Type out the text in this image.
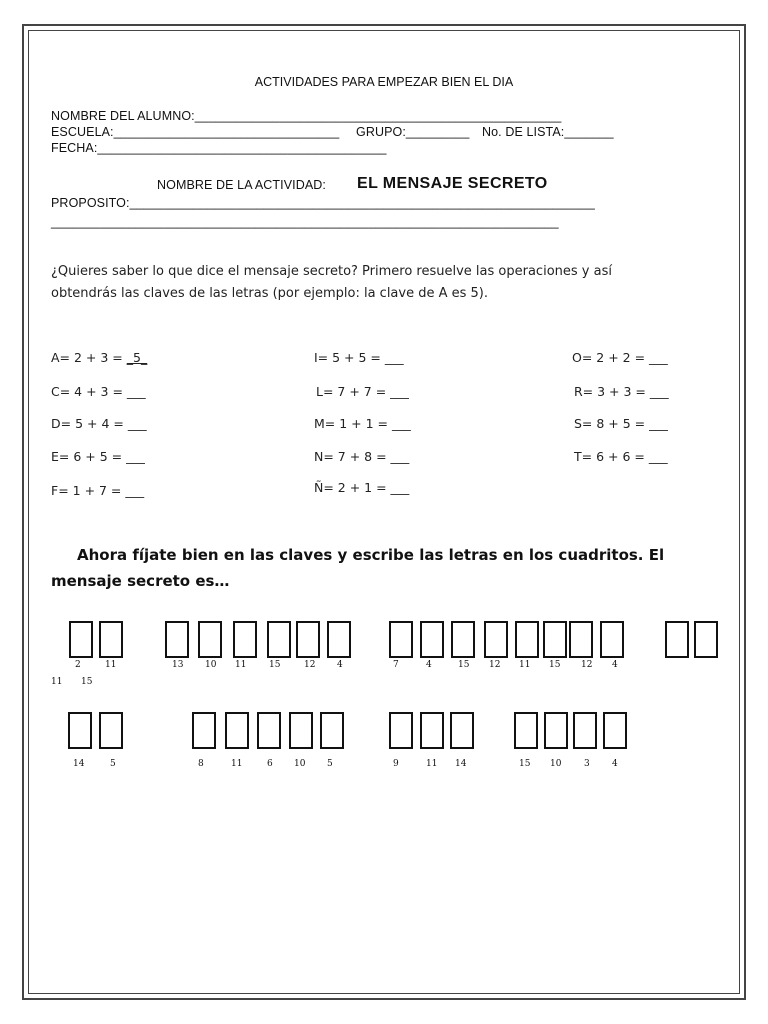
ACTIVIDADES PARA EMPEZAR BIEN EL DIA
NOMBRE DEL ALUMNO:____________________________________________________
ESCUELA:________________________________ GRUPO:_________ No. DE LISTA:_______
FECHA:_________________________________________
NOMBRE DE LA ACTIVIDAD: EL MENSAJE SECRETO
PROPOSITO:__________________________________________________________________
________________________________________________________________________
¿Quieres saber lo que dice el mensaje secreto? Primero resuelve las operaciones y así
obtendrás las claves de las letras (por ejemplo: la clave de A es 5).
A= 2 + 3 = _5_	I= 5 + 5 = ___	O= 2 + 2 = ___
C= 4 + 3 = ___	L= 7 + 7 = ___	R= 3 + 3 = ___
D= 5 + 4 = ___	M= 1 + 1 = ___	S= 8 + 5 = ___
E= 6 + 5 = ___	N= 7 + 8 = ___	T= 6 + 6 = ___
F= 1 + 7 = ___	Ñ= 2 + 1 = ___
Ahora fíjate bien en las claves y escribe las letras en los cuadritos. El
mensaje secreto es…
2	11	13 10 11	15	12 4	7	4	15 12 11 15 12 4
11 15
14	5	8	11	6 10 5	9	11 14	15 10	3 4
